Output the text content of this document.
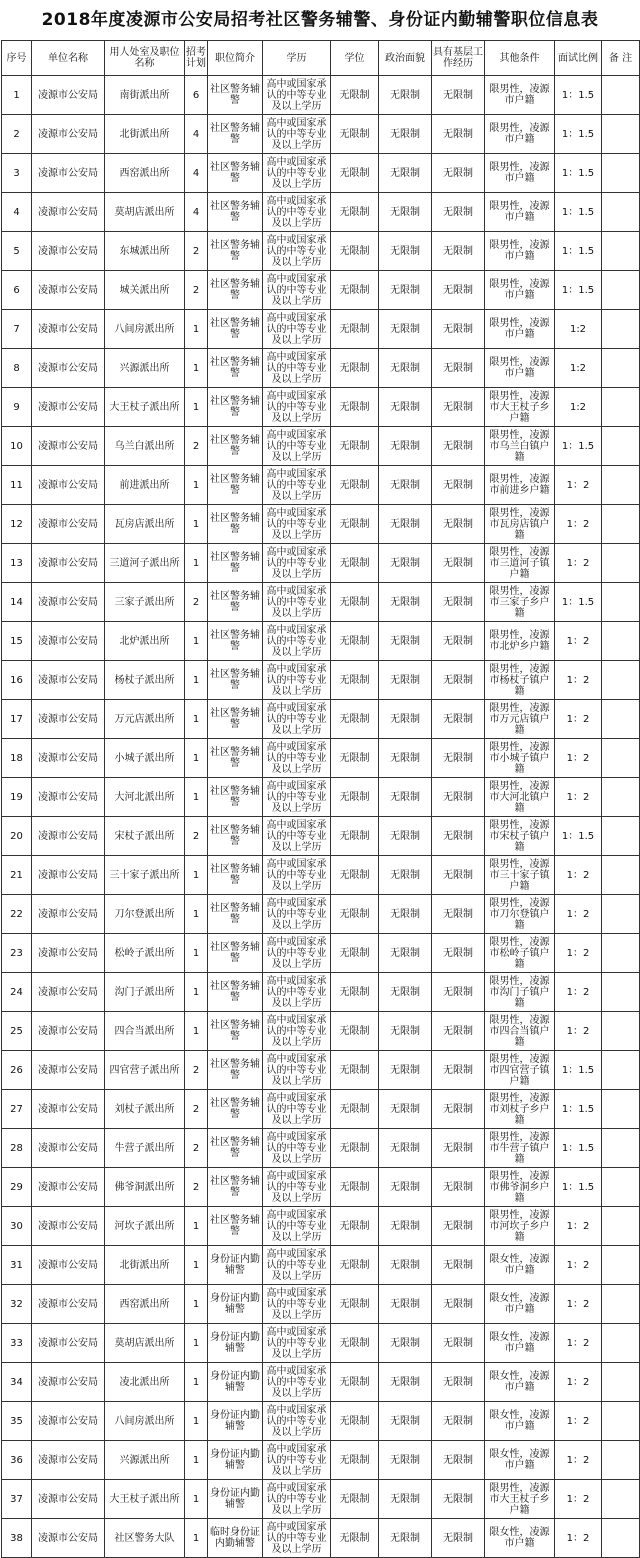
2018年度凌源市公安局招考社区警务辅警、身份证内勤辅警职位信息表
序号	单位名称	用人处室及职位名称	招考计划	职位简介	学历	学位	政治面貌	具有基层工作经历	其他条件	面试比例	备 注
1	凌源市公安局	南街派出所	6	社区警务辅警	高中或国家承认的中等专业及以上学历	无限制	无限制	无限制	限男性，凌源市户籍	1：1.5	
2	凌源市公安局	北街派出所	4	社区警务辅警	高中或国家承认的中等专业及以上学历	无限制	无限制	无限制	限男性，凌源市户籍	1：1.5	
3	凌源市公安局	西窑派出所	4	社区警务辅警	高中或国家承认的中等专业及以上学历	无限制	无限制	无限制	限男性，凌源市户籍	1：1.5	
4	凌源市公安局	莫胡店派出所	4	社区警务辅警	高中或国家承认的中等专业及以上学历	无限制	无限制	无限制	限男性，凌源市户籍	1：1.5	
5	凌源市公安局	东城派出所	2	社区警务辅警	高中或国家承认的中等专业及以上学历	无限制	无限制	无限制	限男性，凌源市户籍	1：1.5	
6	凌源市公安局	城关派出所	2	社区警务辅警	高中或国家承认的中等专业及以上学历	无限制	无限制	无限制	限男性，凌源市户籍	1：1.5	
7	凌源市公安局	八间房派出所	1	社区警务辅警	高中或国家承认的中等专业及以上学历	无限制	无限制	无限制	限男性，凌源市户籍	1:2	
8	凌源市公安局	兴源派出所	1	社区警务辅警	高中或国家承认的中等专业及以上学历	无限制	无限制	无限制	限男性，凌源市户籍	1:2	
9	凌源市公安局	大王杖子派出所	1	社区警务辅警	高中或国家承认的中等专业及以上学历	无限制	无限制	无限制	限男性，凌源市大王杖子乡户籍	1:2	
10	凌源市公安局	乌兰白派出所	2	社区警务辅警	高中或国家承认的中等专业及以上学历	无限制	无限制	无限制	限男性，凌源市乌兰白镇户籍	1：1.5	
11	凌源市公安局	前进派出所	1	社区警务辅警	高中或国家承认的中等专业及以上学历	无限制	无限制	无限制	限男性，凌源市前进乡户籍	1：2	
12	凌源市公安局	瓦房店派出所	1	社区警务辅警	高中或国家承认的中等专业及以上学历	无限制	无限制	无限制	限男性，凌源市瓦房店镇户籍	1：2	
13	凌源市公安局	三道河子派出所	1	社区警务辅警	高中或国家承认的中等专业及以上学历	无限制	无限制	无限制	限男性，凌源市三道河子镇户籍	1：2	
14	凌源市公安局	三家子派出所	2	社区警务辅警	高中或国家承认的中等专业及以上学历	无限制	无限制	无限制	限男性，凌源市三家子乡户籍	1：1.5	
15	凌源市公安局	北炉派出所	1	社区警务辅警	高中或国家承认的中等专业及以上学历	无限制	无限制	无限制	限男性，凌源市北炉乡户籍	1：2	
16	凌源市公安局	杨杖子派出所	1	社区警务辅警	高中或国家承认的中等专业及以上学历	无限制	无限制	无限制	限男性，凌源市杨杖子镇户籍	1：2	
17	凌源市公安局	万元店派出所	1	社区警务辅警	高中或国家承认的中等专业及以上学历	无限制	无限制	无限制	限男性，凌源市万元店镇户籍	1：2	
18	凌源市公安局	小城子派出所	1	社区警务辅警	高中或国家承认的中等专业及以上学历	无限制	无限制	无限制	限男性，凌源市小城子镇户籍	1：2	
19	凌源市公安局	大河北派出所	1	社区警务辅警	高中或国家承认的中等专业及以上学历	无限制	无限制	无限制	限男性，凌源市大河北镇户籍	1：2	
20	凌源市公安局	宋杖子派出所	2	社区警务辅警	高中或国家承认的中等专业及以上学历	无限制	无限制	无限制	限男性，凌源市宋杖子镇户籍	1：1.5	
21	凌源市公安局	三十家子派出所	1	社区警务辅警	高中或国家承认的中等专业及以上学历	无限制	无限制	无限制	限男性，凌源市三十家子镇户籍	1：2	
22	凌源市公安局	刀尔登派出所	1	社区警务辅警	高中或国家承认的中等专业及以上学历	无限制	无限制	无限制	限男性，凌源市刀尔登镇户籍	1：2	
23	凌源市公安局	松岭子派出所	1	社区警务辅警	高中或国家承认的中等专业及以上学历	无限制	无限制	无限制	限男性，凌源市松岭子镇户籍	1：2	
24	凌源市公安局	沟门子派出所	1	社区警务辅警	高中或国家承认的中等专业及以上学历	无限制	无限制	无限制	限男性，凌源市沟门子镇户籍	1：2	
25	凌源市公安局	四合当派出所	1	社区警务辅警	高中或国家承认的中等专业及以上学历	无限制	无限制	无限制	限男性，凌源市四合当镇户籍	1：2	
26	凌源市公安局	四官营子派出所	2	社区警务辅警	高中或国家承认的中等专业及以上学历	无限制	无限制	无限制	限男性，凌源市四官营子镇户籍	1：1.5	
27	凌源市公安局	刘杖子派出所	2	社区警务辅警	高中或国家承认的中等专业及以上学历	无限制	无限制	无限制	限男性，凌源市刘杖子乡户籍	1：1.5	
28	凌源市公安局	牛营子派出所	2	社区警务辅警	高中或国家承认的中等专业及以上学历	无限制	无限制	无限制	限男性，凌源市牛营子镇户籍	1：1.5	
29	凌源市公安局	佛爷洞派出所	2	社区警务辅警	高中或国家承认的中等专业及以上学历	无限制	无限制	无限制	限男性，凌源市佛爷洞乡户籍	1：1.5	
30	凌源市公安局	河坎子派出所	1	社区警务辅警	高中或国家承认的中等专业及以上学历	无限制	无限制	无限制	限男性，凌源市河坎子乡户籍	1：2	
31	凌源市公安局	北街派出所	1	身份证内勤辅警	高中或国家承认的中等专业及以上学历	无限制	无限制	无限制	限女性，凌源市户籍	1：2	
32	凌源市公安局	西窑派出所	1	身份证内勤辅警	高中或国家承认的中等专业及以上学历	无限制	无限制	无限制	限女性，凌源市户籍	1：2	
33	凌源市公安局	莫胡店派出所	1	身份证内勤辅警	高中或国家承认的中等专业及以上学历	无限制	无限制	无限制	限女性，凌源市户籍	1：2	
34	凌源市公安局	凌北派出所	1	身份证内勤辅警	高中或国家承认的中等专业及以上学历	无限制	无限制	无限制	限女性，凌源市户籍	1：2	
35	凌源市公安局	八间房派出所	1	身份证内勤辅警	高中或国家承认的中等专业及以上学历	无限制	无限制	无限制	限女性，凌源市户籍	1：2	
36	凌源市公安局	兴源派出所	1	身份证内勤辅警	高中或国家承认的中等专业及以上学历	无限制	无限制	无限制	限女性，凌源市户籍	1：2	
37	凌源市公安局	大王杖子派出所	1	身份证内勤辅警	高中或国家承认的中等专业及以上学历	无限制	无限制	无限制	限男性，凌源市大王杖子乡户籍	1：2	
38	凌源市公安局	社区警务大队	1	临时身份证内勤辅警	高中或国家承认的中等专业及以上学历	无限制	无限制	无限制	限女性，凌源市户籍	1：2	
